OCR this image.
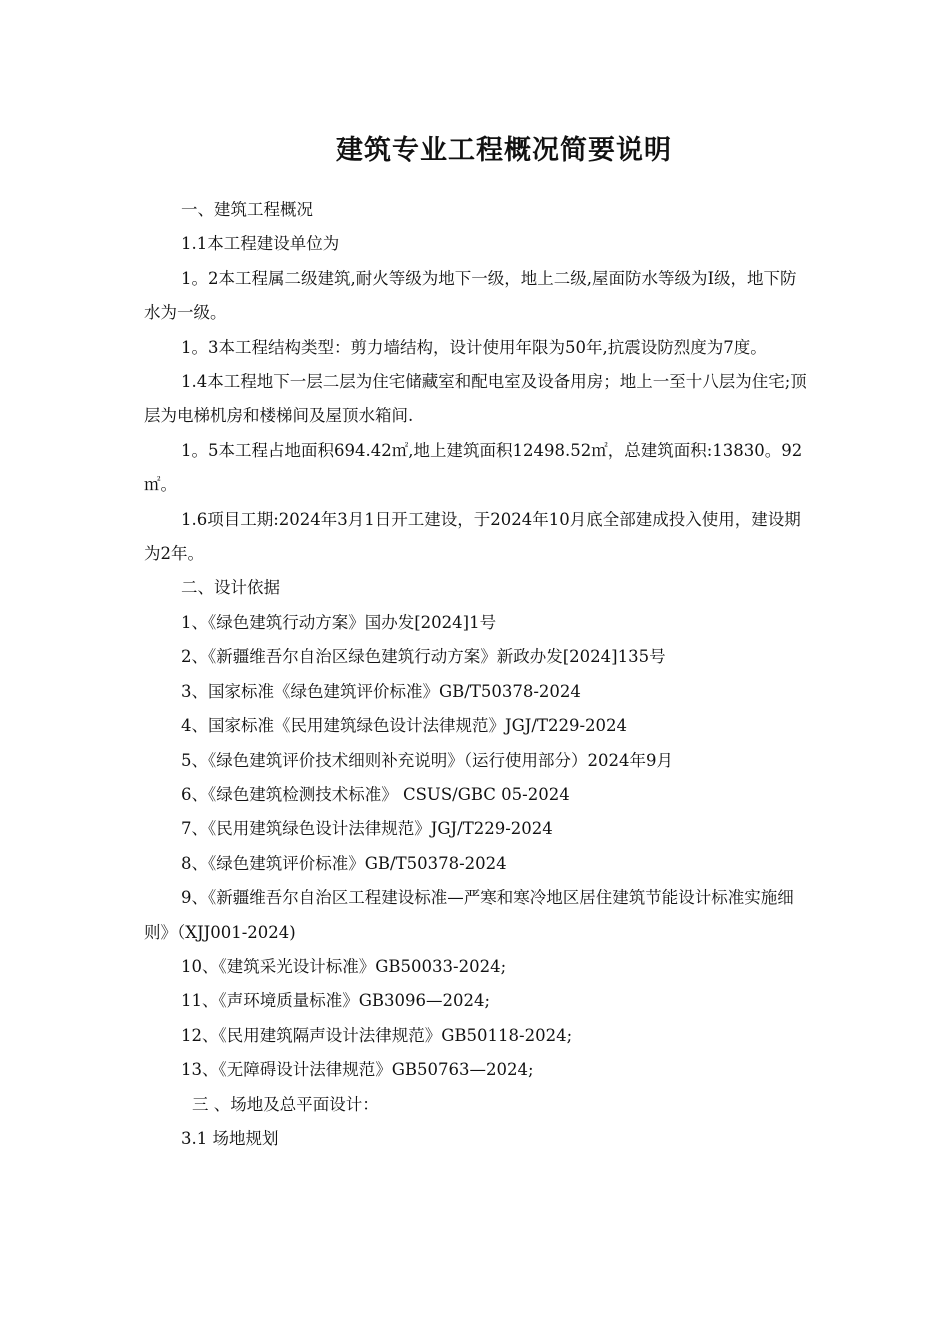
建筑专业工程概况简要说明

一、建筑工程概况

1.1本工程建设单位为

1。2本工程属二级建筑,耐火等级为地下一级，地上二级,屋面防水等级为Ⅰ级，地下防水为一级。

1。3本工程结构类型：剪力墙结构，设计使用年限为50年,抗震设防烈度为7度。

1.4本工程地下一层二层为住宅储藏室和配电室及设备用房；地上一至十八层为住宅;顶层为电梯机房和楼梯间及屋顶水箱间.

1。5本工程占地面积694.42㎡,地上建筑面积12498.52㎡，总建筑面积:13830。92㎡。

1.6项目工期:2024年3月1日开工建设，于2024年10月底全部建成投入使用，建设期为2年。

二、设计依据

1、《绿色建筑行动方案》国办发[2024]1号

2、《新疆维吾尔自治区绿色建筑行动方案》新政办发[2024]135号

3、国家标准《绿色建筑评价标准》GB/T50378-2024

4、国家标准《民用建筑绿色设计法律规范》JGJ/T229-2024

5、《绿色建筑评价技术细则补充说明》（运行使用部分）2024年9月

6、《绿色建筑检测技术标准》 CSUS/GBC 05-2024

7、《民用建筑绿色设计法律规范》JGJ/T229-2024

8、《绿色建筑评价标准》GB/T50378-2024

9、《新疆维吾尔自治区工程建设标准—严寒和寒冷地区居住建筑节能设计标准实施细则》（XJJ001-2024)

10、《建筑采光设计标准》GB50033-2024;

11、《声环境质量标准》GB3096—2024;

12、《民用建筑隔声设计法律规范》GB50118-2024;

13、《无障碍设计法律规范》GB50763—2024;

三 、场地及总平面设计：

3.1 场地规划
